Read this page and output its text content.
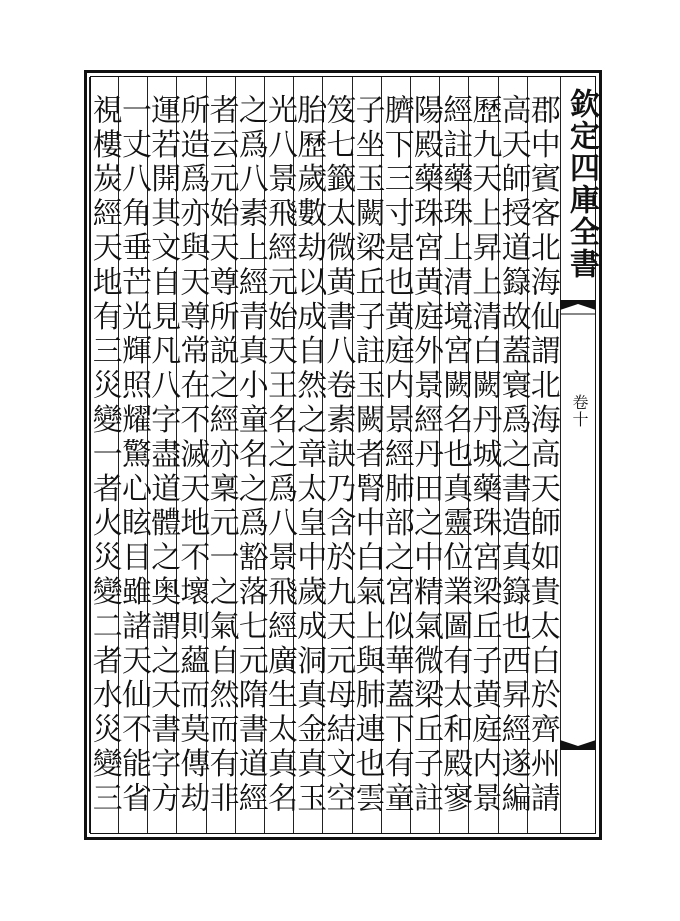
欽定四庫全書
卷十
郡中賓客北海仙謂北海高天師如貴太白於齊州請
高天師授道籙故蓋寰爲之書造真籙也西昇經遂編
歷九天上昇上清白闕丹城藥珠宮梁丘子黄庭内景
經註藥珠上清境宮闕名也真靈位業圖有太和殿寥
陽殿藥珠宮黄庭外景經丹田之中精氣微梁丘子註
臍下三寸是也黄庭内景經肺部之宮似華蓋下有童
子坐玉闕梁丘子註玉闕者腎中白氣上與肺連也雲
笈七籤太微黄書八卷素訣乃含於九天元母結文空
胎歷歲數劫以成自然之章太皇中歲成洞真金真玉
光八景飛經元始天王名之爲八景飛經廣生太真名
之爲八素上經青真小童名之爲豁落七元隋書道經
者云元始天尊所説之經亦稟元一之氣自然而有非
所造爲亦與天尊常在不滅天地不壞則蘊而莫傳劫
運若開其文自見凡八字盡道體之奥謂之天書字方
一丈八角垂芒光輝照耀驚心眩目雖諸天仙不能省
視樓炭經天地有三災變一者火災變二者水災變三
